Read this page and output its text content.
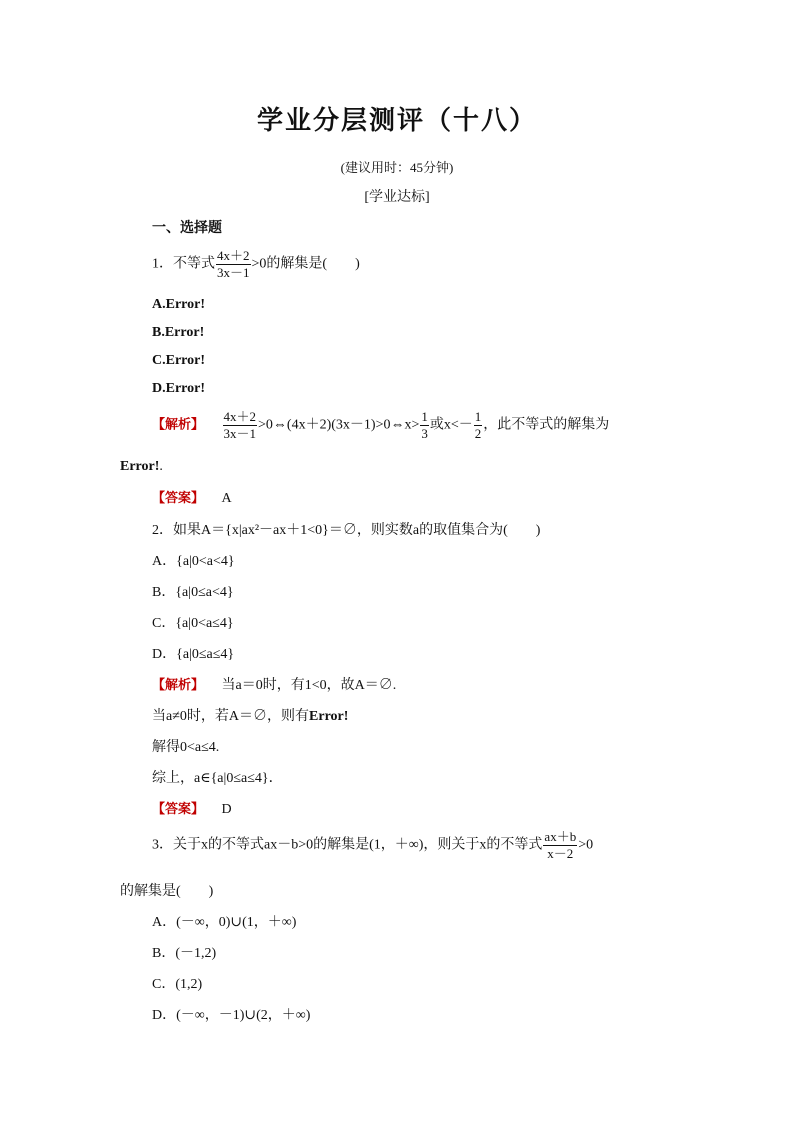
学业分层测评（十八）
(建议用时：45分钟)
[学业达标]
一、选择题
1．不等式 $\frac{4x+2}{3x-1} >0$的解集是(　　)
A.Error!
B.Error!
C.Error!
D.Error!
【解析】 $\frac{4x+2}{3x-1}$ >0⇔(4x＋2)(3x－1)>0⇔x> $\frac{1}{3}$ 或$x<- \frac{1}{2}$ ，此不等式的解集为
Error!.
【答案】 A
2．如果A＝{x|ax²－ax＋1<0}＝∅，则实数a的取值集合为(　　)
A．{a|0<a<4}
B．{a|0≤a<4}
C．{a|0<a≤4}
D．{a|0≤a≤4}
【解析】 当a＝0时，有1<0，故A＝∅.
当a≠0时，若A＝∅，则有Error!
解得0<a≤4.
综上，a∈{a|0≤a≤4}．
【答案】 D
3．关于x的不等式ax－b>0的解集是(1，＋∞)，则关于x的不等式 $\frac{ax+b}{x-2} >0$
的解集是(　　)
A．(－∞，0)∪(1，＋∞)
B．(－1,2)
C．(1,2)
D．(－∞，－1)∪(2，＋∞)
